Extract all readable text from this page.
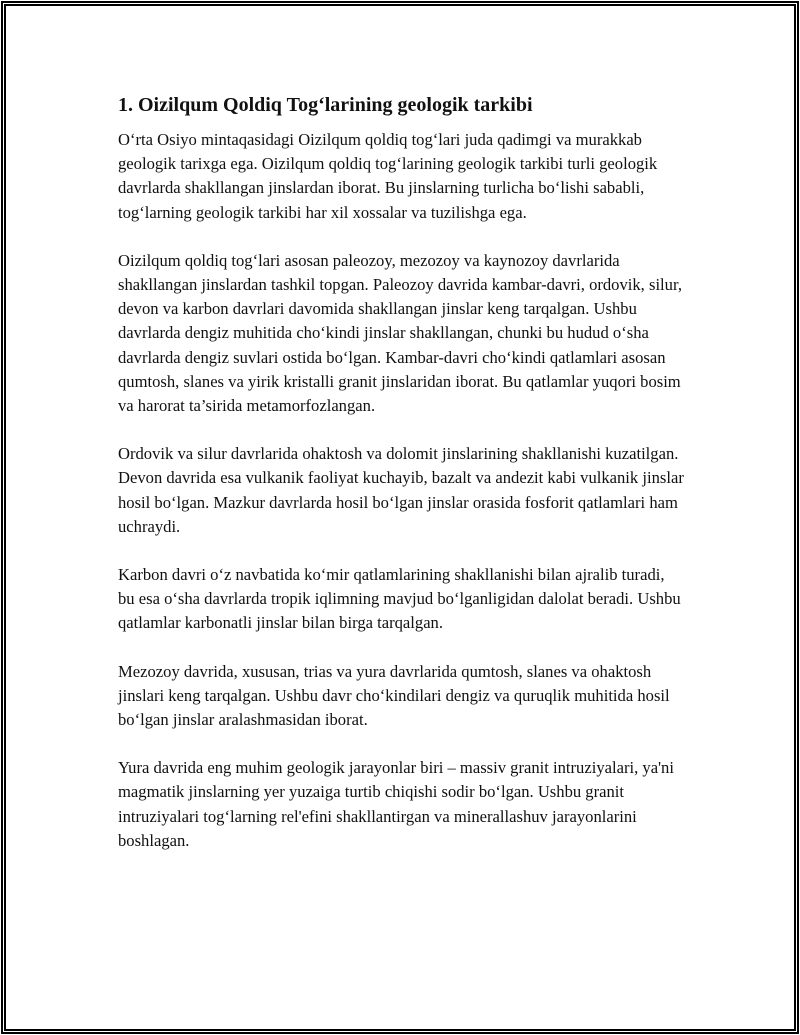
1. Oizilqum Qoldiq Tog‘larining geologik tarkibi

O‘rta Osiyo mintaqasidagi Oizilqum qoldiq tog‘lari juda qadimgi va murakkab geologik tarixga ega. Oizilqum qoldiq tog‘larining geologik tarkibi turli geologik davrlarda shakllangan jinslardan iborat. Bu jinslarning turlicha bo‘lishi sababli, tog‘larning geologik tarkibi har xil xossalar va tuzilishga ega.

Oizilqum qoldiq tog‘lari asosan paleozoy, mezozoy va kaynozoy davrlarida shakllangan jinslardan tashkil topgan. Paleozoy davrida kambar-davri, ordovik, silur, devon va karbon davrlari davomida shakllangan jinslar keng tarqalgan. Ushbu davrlarda dengiz muhitida cho‘kindi jinslar shakllangan, chunki bu hudud o‘sha davrlarda dengiz suvlari ostida bo‘lgan. Kambar-davri cho‘kindi qatlamlari asosan qumtosh, slanes va yirik kristalli granit jinslaridan iborat. Bu qatlamlar yuqori bosim va harorat ta’sirida metamorfozlangan.

Ordovik va silur davrlarida ohaktosh va dolomit jinslarining shakllanishi kuzatilgan. Devon davrida esa vulkanik faoliyat kuchayib, bazalt va andezit kabi vulkanik jinslar hosil bo‘lgan. Mazkur davrlarda hosil bo‘lgan jinslar orasida fosforit qatlamlari ham uchraydi.

Karbon davri o‘z navbatida ko‘mir qatlamlarining shakllanishi bilan ajralib turadi, bu esa o‘sha davrlarda tropik iqlimning mavjud bo‘lganligidan dalolat beradi. Ushbu qatlamlar karbonatli jinslar bilan birga tarqalgan.

Mezozoy davrida, xususan, trias va yura davrlarida qumtosh, slanes va ohaktosh jinslari keng tarqalgan. Ushbu davr cho‘kindilari dengiz va quruqlik muhitida hosil bo‘lgan jinslar aralashmasidan iborat.

Yura davrida eng muhim geologik jarayonlar biri – massiv granit intruziyalari, ya'ni magmatik jinslarning yer yuzaiga turtib chiqishi sodir bo‘lgan. Ushbu granit intruziyalari tog‘larning rel'efini shakllantirgan va minerallashuv jarayonlarini boshlagan.
